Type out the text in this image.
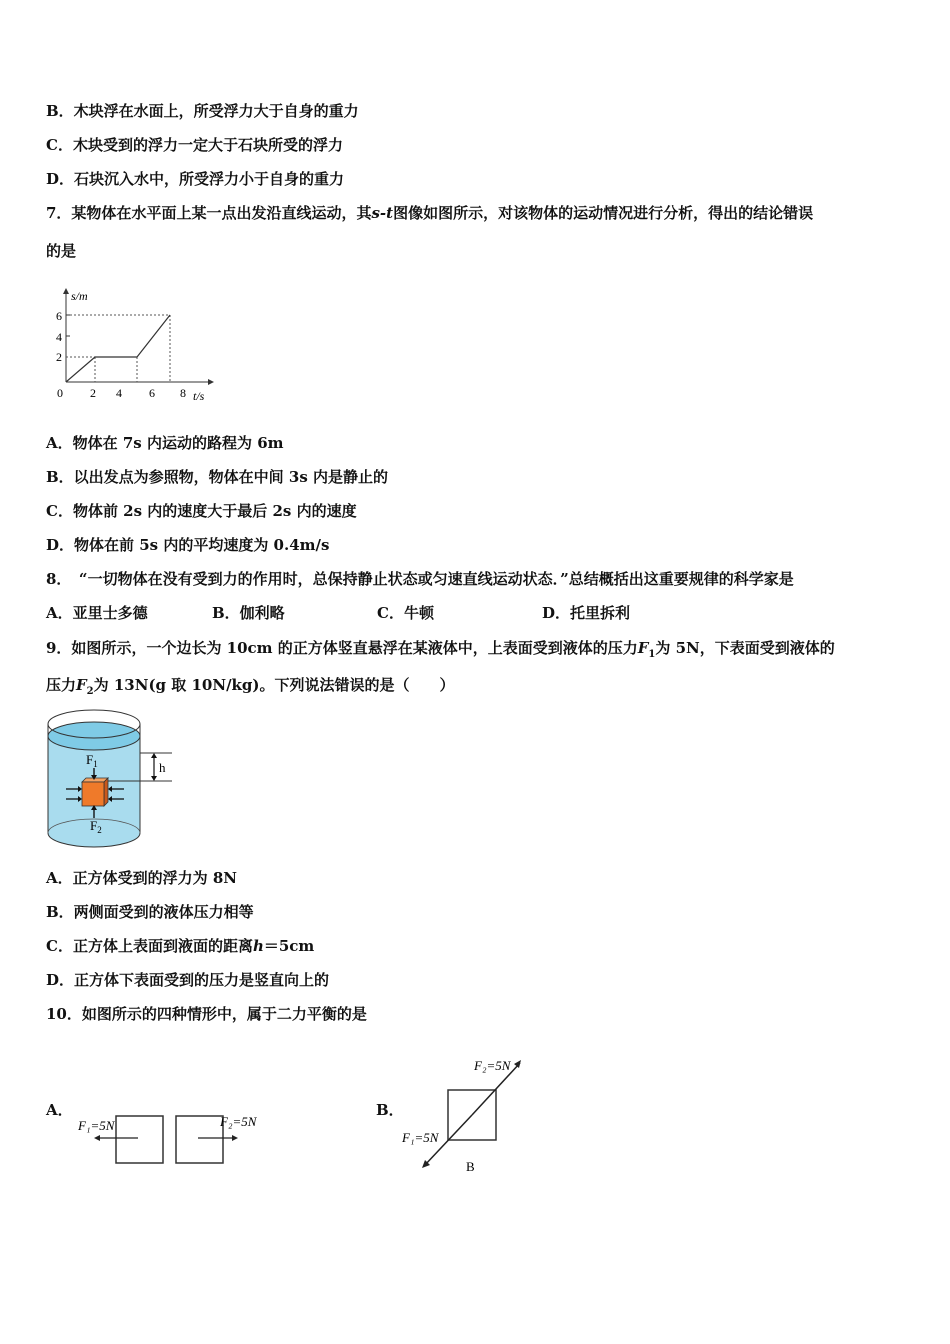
B．木块浮在水面上，所受浮力大于自身的重力
C．木块受到的浮力一定大于石块所受的浮力
D．石块沉入水中，所受浮力小于自身的重力
7．某物体在水平面上某一点出发沿直线运动，其s-t图像如图所示，对该物体的运动情况进行分析，得出的结论错误
的是
s/m
t/s
6
4
2
0 2 4 6 8
A．物体在 7s 内运动的路程为 6m
B．以出发点为参照物，物体在中间 3s 内是静止的
C．物体前 2s 内的速度大于最后 2s 内的速度
D．物体在前 5s 内的平均速度为 0.4m/s
8．　“一切物体在没有受到力的作用时，总保持静止状态或匀速直线运动状态．”总结概括出这重要规律的科学家是
A．亚里士多德	B．伽利略	C．牛顿	D．托里拆利
9．如图所示，一个边长为 10cm 的正方体竖直悬浮在某液体中，上表面受到液体的压力$F_1$为 5N，下表面受到液体的
压力$F_2$为 13N(g 取 10N/kg)。下列说法错误的是（　　）
$F_1$
$F_2$
h
A．正方体受到的浮力为 8N
B．两侧面受到的液体压力相等
C．正方体上表面到液面的距离h＝5cm
D．正方体下表面受到的压力是竖直向上的
10．如图所示的四种情形中，属于二力平衡的是
A．
F₁=5N	F₂=5N
B．
F₂=5N
F₁=5N
B
